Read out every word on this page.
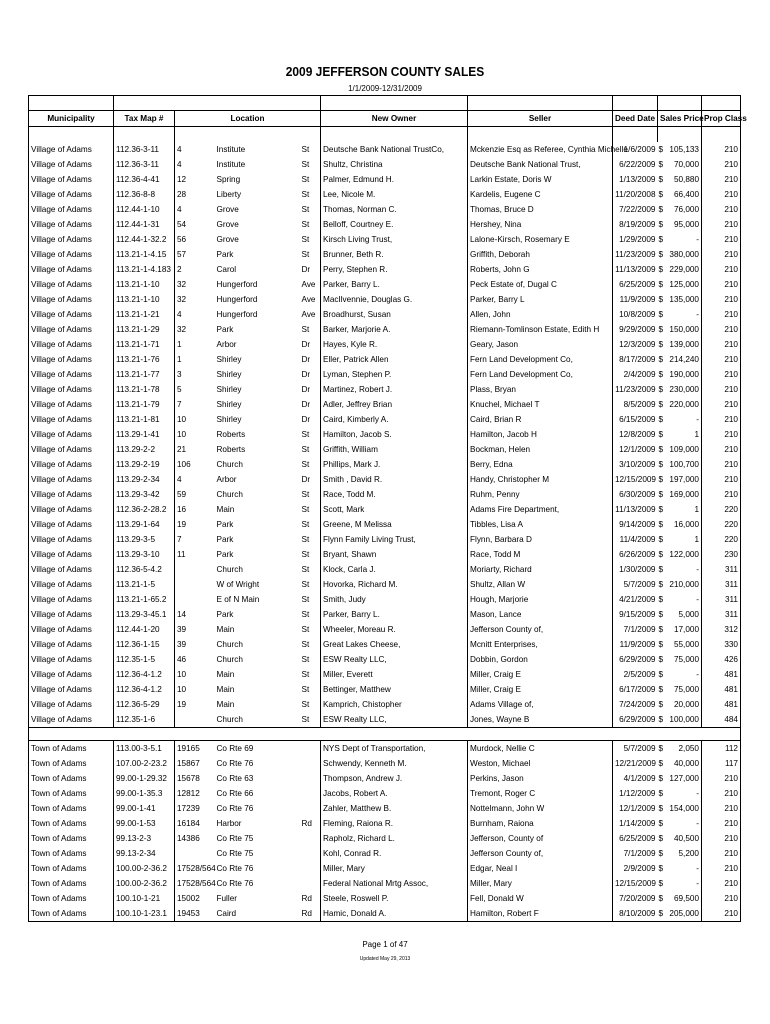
2009 JEFFERSON COUNTY SALES
1/1/2009-12/31/2009

Municipality	Tax Map #	Location			New Owner	Seller	Deed Date	Sales Price		Prop Class

Village of Adams	112.36-3-11	4	Institute	St	Deutsche Bank National TrustCo,	Mckenzie Esq as Referee, Cynthia Michelle	1/6/2009	$	105,133	210
Village of Adams	112.36-3-11	4	Institute	St	Shultz, Christina	Deutsche Bank National Trust,	6/22/2009	$	70,000	210
Village of Adams	112.36-4-41	12	Spring	St	Palmer, Edmund H.	Larkin Estate, Doris W	1/13/2009	$	50,880	210
Village of Adams	112.36-8-8	28	Liberty	St	Lee, Nicole M.	Kardelis, Eugene C	11/20/2008	$	66,400	210
Village of Adams	112.44-1-10	4	Grove	St	Thomas, Norman C.	Thomas, Bruce D	7/22/2009	$	76,000	210
Village of Adams	112.44-1-31	54	Grove	St	Belloff, Courtney E.	Hershey, Nina	8/19/2009	$	95,000	210
Village of Adams	112.44-1-32.2	56	Grove	St	Kirsch Living Trust,	Lalone-Kirsch, Rosemary E	1/29/2009	$	-	210
Village of Adams	113.21-1-4.15	57	Park	St	Brunner, Beth R.	Griffith, Deborah	11/23/2009	$	380,000	210
Village of Adams	113.21-1-4.183	2	Carol	Dr	Perry, Stephen R.	Roberts, John G	11/13/2009	$	229,000	210
Village of Adams	113.21-1-10	32	Hungerford	Ave	Parker, Barry L.	Peck Estate of, Dugal C	6/25/2009	$	125,000	210
Village of Adams	113.21-1-10	32	Hungerford	Ave	MacIlvennie, Douglas G.	Parker, Barry L	11/9/2009	$	135,000	210
Village of Adams	113.21-1-21	4	Hungerford	Ave	Broadhurst, Susan	Allen, John	10/8/2009	$	-	210
Village of Adams	113.21-1-29	32	Park	St	Barker, Marjorie A.	Riemann-Tomlinson Estate, Edith H	9/29/2009	$	150,000	210
Village of Adams	113.21-1-71	1	Arbor	Dr	Hayes, Kyle R.	Geary, Jason	12/3/2009	$	139,000	210
Village of Adams	113.21-1-76	1	Shirley	Dr	Eller, Patrick Allen	Fern Land Development Co,	8/17/2009	$	214,240	210
Village of Adams	113.21-1-77	3	Shirley	Dr	Lyman, Stephen P.	Fern Land Development Co,	2/4/2009	$	190,000	210
Village of Adams	113.21-1-78	5	Shirley	Dr	Martinez, Robert J.	Plass, Bryan	11/23/2009	$	230,000	210
Village of Adams	113.21-1-79	7	Shirley	Dr	Adler, Jeffrey Brian	Knuchel, Michael T	8/5/2009	$	220,000	210
Village of Adams	113.21-1-81	10	Shirley	Dr	Caird, Kimberly A.	Caird, Brian R	6/15/2009	$	-	210
Village of Adams	113.29-1-41	10	Roberts	St	Hamilton, Jacob S.	Hamilton, Jacob H	12/8/2009	$	1	210
Village of Adams	113.29-2-2	21	Roberts	St	Griffith, William	Bockman, Helen	12/1/2009	$	109,000	210
Village of Adams	113.29-2-19	106	Church	St	Phillips, Mark J.	Berry, Edna	3/10/2009	$	100,700	210
Village of Adams	113.29-2-34	4	Arbor	Dr	Smith , David R.	Handy, Christopher M	12/15/2009	$	197,000	210
Village of Adams	113.29-3-42	59	Church	St	Race, Todd M.	Ruhm, Penny	6/30/2009	$	169,000	210
Village of Adams	112.36-2-28.2	16	Main	St	Scott, Mark	Adams Fire Department,	11/13/2009	$	1	220
Village of Adams	113.29-1-64	19	Park	St	Greene, M Melissa	Tibbles, Lisa A	9/14/2009	$	16,000	220
Village of Adams	113.29-3-5	7	Park	St	Flynn Family Living Trust,	Flynn, Barbara D	11/4/2009	$	1	220
Village of Adams	113.29-3-10	11	Park	St	Bryant, Shawn	Race, Todd M	6/26/2009	$	122,000	230
Village of Adams	112.36-5-4.2		Church	St	Klock, Carla J.	Moriarty, Richard	1/30/2009	$	-	311
Village of Adams	113.21-1-5		W of Wright	St	Hovorka, Richard M.	Shultz, Allan W	5/7/2009	$	210,000	311
Village of Adams	113.21-1-65.2		E of N Main	St	Smith, Judy	Hough, Marjorie	4/21/2009	$	-	311
Village of Adams	113.29-3-45.1	14	Park	St	Parker, Barry L.	Mason, Lance	9/15/2009	$	5,000	311
Village of Adams	112.44-1-20	39	Main	St	Wheeler, Moreau R.	Jefferson County of,	7/1/2009	$	17,000	312
Village of Adams	112.36-1-15	39	Church	St	Great Lakes Cheese,	Mcnitt Enterprises,	11/9/2009	$	55,000	330
Village of Adams	112.35-1-5	46	Church	St	ESW Realty LLC,	Dobbin, Gordon	6/29/2009	$	75,000	426
Village of Adams	112.36-4-1.2	10	Main	St	Miller, Everett	Miller, Craig E	2/5/2009	$	-	481
Village of Adams	112.36-4-1.2	10	Main	St	Bettinger, Matthew	Miller, Craig E	6/17/2009	$	75,000	481
Village of Adams	112.36-5-29	19	Main	St	Kamprich, Chistopher	Adams Village of,	7/24/2009	$	20,000	481
Village of Adams	112.35-1-6		Church	St	ESW Realty LLC,	Jones, Wayne B	6/29/2009	$	100,000	484

Town of Adams	113.00-3-5.1	19165	Co Rte 69		NYS Dept of Transportation,	Murdock, Nellie C	5/7/2009	$	2,050	112
Town of Adams	107.00-2-23.2	15867	Co Rte 76		Schwendy, Kenneth M.	Weston, Michael	12/21/2009	$	40,000	117
Town of Adams	99.00-1-29.32	15678	Co Rte 63		Thompson, Andrew J.	Perkins, Jason	4/1/2009	$	127,000	210
Town of Adams	99.00-1-35.3	12812	Co Rte 66		Jacobs, Robert A.	Tremont, Roger C	1/12/2009	$	-	210
Town of Adams	99.00-1-41	17239	Co Rte 76		Zahler, Matthew B.	Nottelmann, John W	12/1/2009	$	154,000	210
Town of Adams	99.00-1-53	16184	Harbor	Rd	Fleming, Raiona R.	Burnham, Raiona	1/14/2009	$	-	210
Town of Adams	99.13-2-3	14386	Co Rte 75		Rapholz, Richard L.	Jefferson, County of	6/25/2009	$	40,500	210
Town of Adams	99.13-2-34		Co Rte 75		Kohl, Conrad R.	Jefferson County of,	7/1/2009	$	5,200	210
Town of Adams	100.00-2-36.2	17528/564	Co Rte 76		Miller, Mary	Edgar, Neal I	2/9/2009	$	-	210
Town of Adams	100.00-2-36.2	17528/564	Co Rte 76		Federal National Mrtg Assoc,	Miller, Mary	12/15/2009	$	-	210
Town of Adams	100.10-1-21	15002	Fuller	Rd	Steele, Roswell P.	Fell, Donald W	7/20/2009	$	69,500	210
Town of Adams	100.10-1-23.1	19453	Caird	Rd	Hamic, Donald A.	Hamilton, Robert F	8/10/2009	$	205,000	210
Page 1 of 47
Updated May 29, 2013
